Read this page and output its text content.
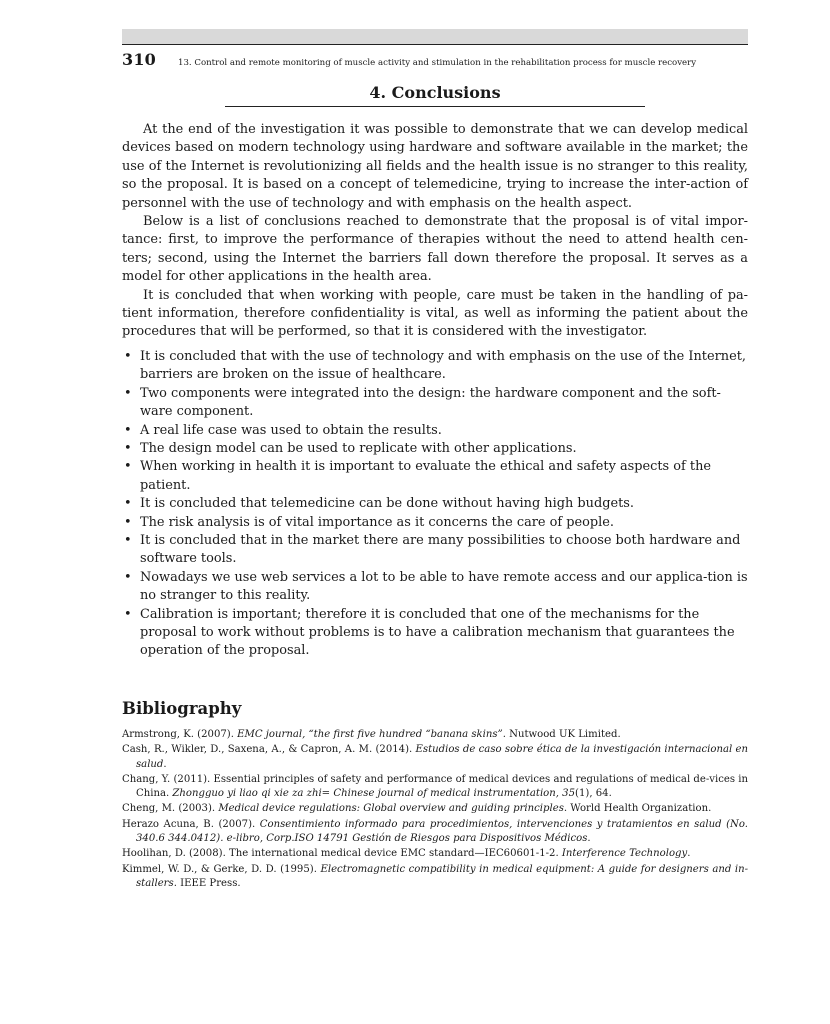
310	13. Control and remote monitoring of muscle activity and stimulation in the rehabilitation process for muscle recovery
4. Conclusions

At the end of the investigation it was possible to demonstrate that we can develop medical devices based on modern technology using hardware and software available in the market; the use of the Internet is revolutionizing all fields and the health issue is no stranger to this reality, so the proposal. It is based on a concept of telemedicine, trying to increase the inter-action of personnel with the use of technology and with emphasis on the health aspect.

Below is a list of conclusions reached to demonstrate that the proposal is of vital impor-tance: first, to improve the performance of therapies without the need to attend health cen-ters; second, using the Internet the barriers fall down therefore the proposal. It serves as a model for other applications in the health area.

It is concluded that when working with people, care must be taken in the handling of pa-tient information, therefore confidentiality is vital, as well as informing the patient about the procedures that will be performed, so that it is considered with the investigator.

• It is concluded that with the use of technology and with emphasis on the use of the Internet, barriers are broken on the issue of healthcare.
• Two components were integrated into the design: the hardware component and the soft-ware component.
• A real life case was used to obtain the results.
• The design model can be used to replicate with other applications.
• When working in health it is important to evaluate the ethical and safety aspects of the patient.
• It is concluded that telemedicine can be done without having high budgets.
• The risk analysis is of vital importance as it concerns the care of people.
• It is concluded that in the market there are many possibilities to choose both hardware and software tools.
• Nowadays we use web services a lot to be able to have remote access and our applica-tion is no stranger to this reality.
• Calibration is important; therefore it is concluded that one of the mechanisms for the proposal to work without problems is to have a calibration mechanism that guarantees the operation of the proposal.
Bibliography
Armstrong, K. (2007). EMC journal, “the first five hundred “banana skins”. Nutwood UK Limited.
Cash, R., Wikler, D., Saxena, A., & Capron, A. M. (2014). Estudios de caso sobre ética de la investigación internacional en salud.
Chang, Y. (2011). Essential principles of safety and performance of medical devices and regulations of medical de-vices in China. Zhongguo yi liao qi xie za zhi= Chinese journal of medical instrumentation, 35(1), 64.
Cheng, M. (2003). Medical device regulations: Global overview and guiding principles. World Health Organization.
Herazo Acuna, B. (2007). Consentimiento informado para procedimientos, intervenciones y tratamientos en salud (No. 340.6 344.0412). e-libro, Corp.ISO 14791 Gestión de Riesgos para Dispositivos Médicos.
Hoolihan, D. (2008). The international medical device EMC standard—IEC60601-1-2. Interference Technology.
Kimmel, W. D., & Gerke, D. D. (1995). Electromagnetic compatibility in medical equipment: A guide for designers and in-stallers. IEEE Press.
